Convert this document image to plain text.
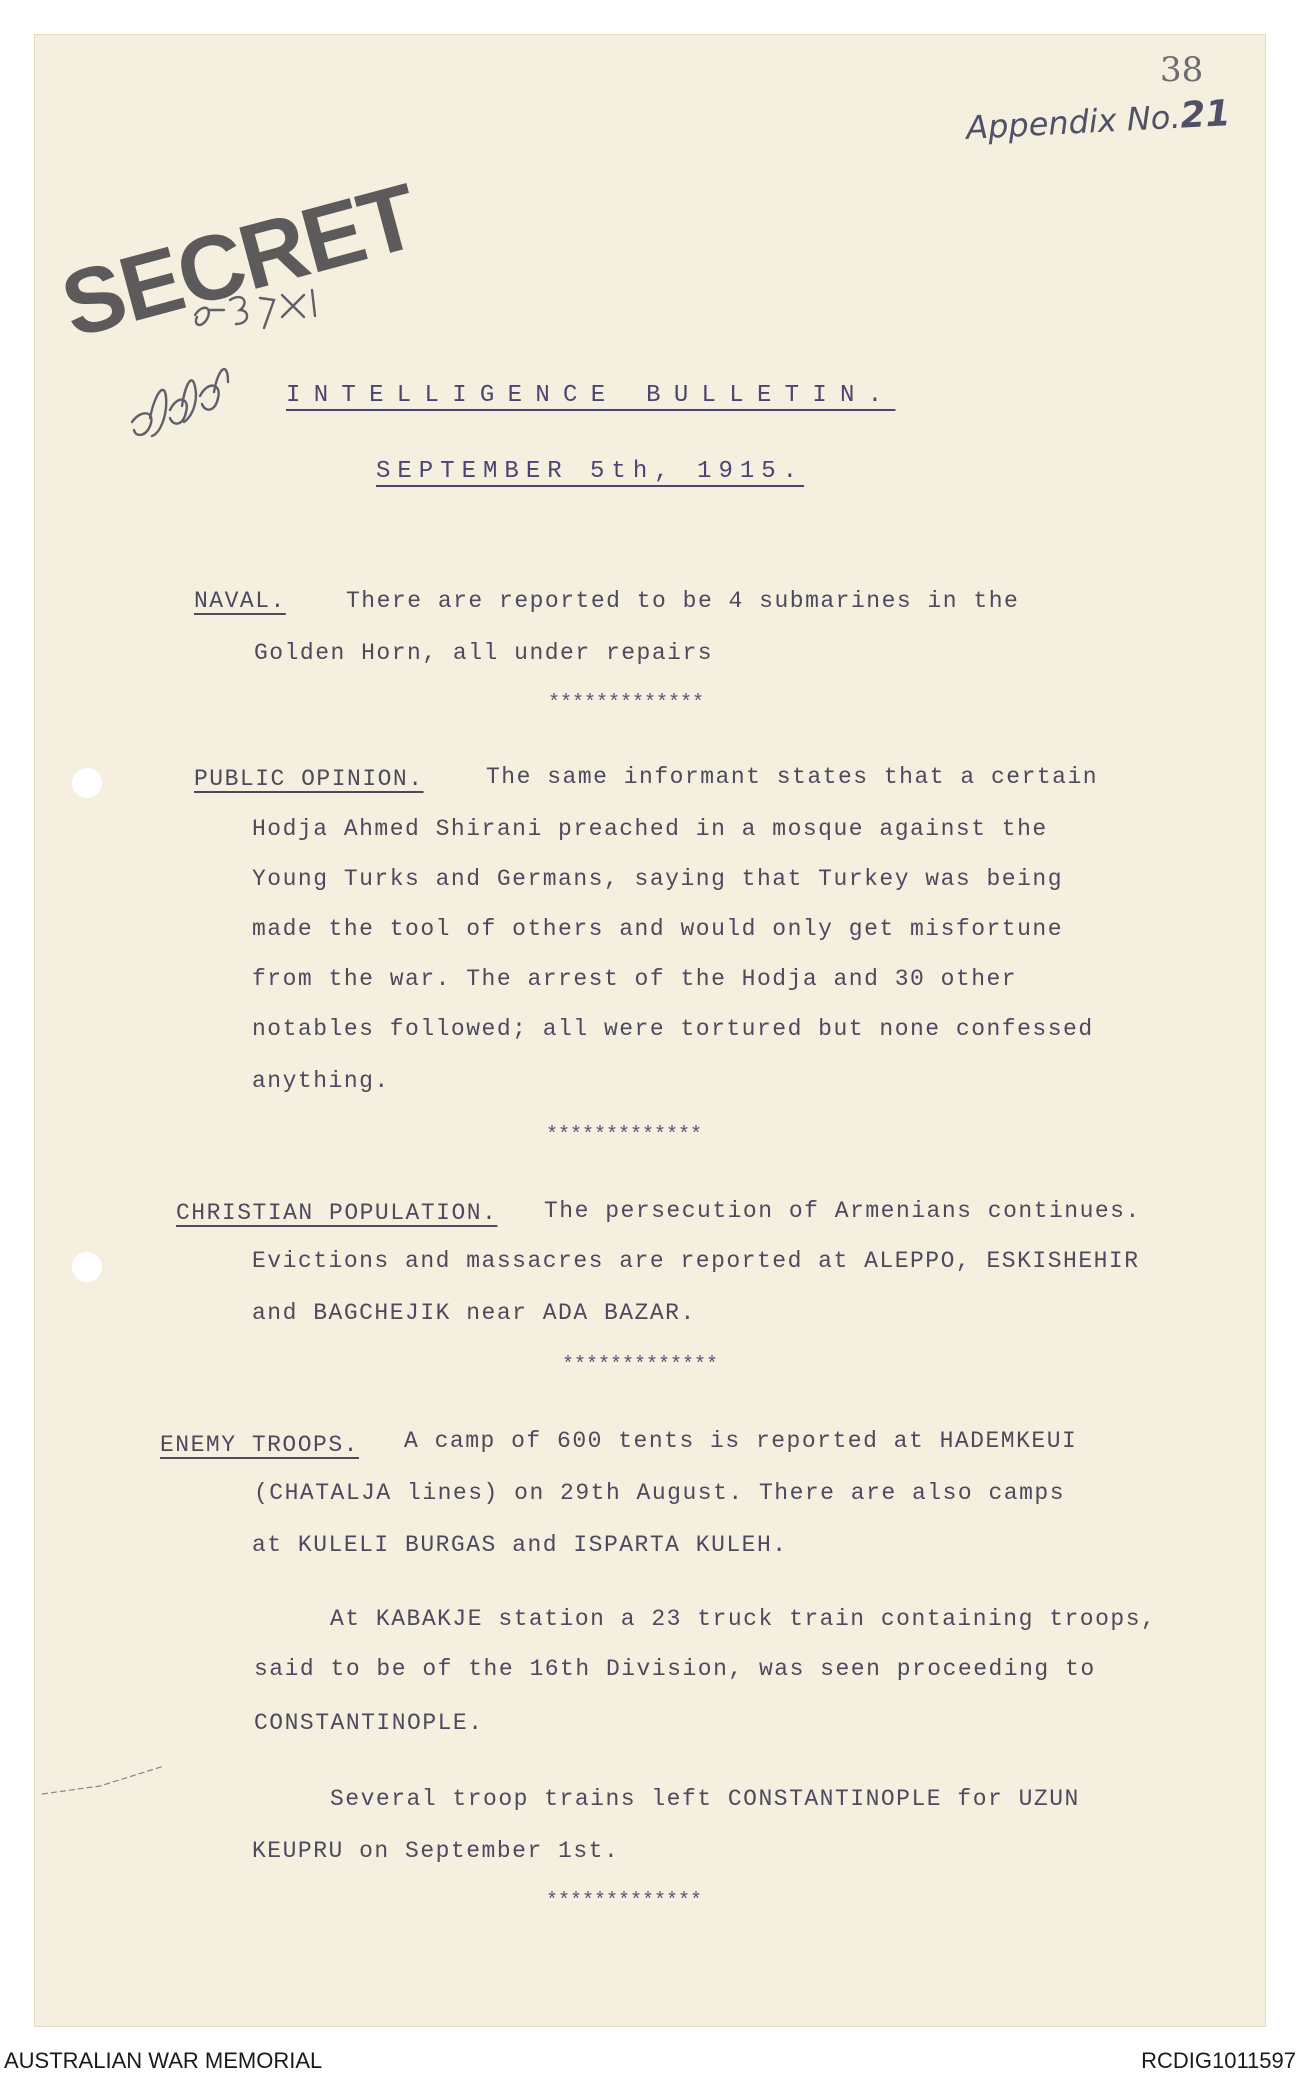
38
Appendix No.21
SECRET
INTELLIGENCE BULLETIN.
SEPTEMBER 5th, 1915.
NAVAL.	There are reported to be 4 submarines in the
Golden Horn, all under repairs
*************
PUBLIC OPINION.	The same informant states that a certain
Hodja Ahmed Shirani preached in a mosque against the
Young Turks and Germans, saying that Turkey was being
made the tool of others and would only get misfortune
from the war. The arrest of the Hodja and 30 other
notables followed; all were tortured but none confessed
anything.
*************
CHRISTIAN POPULATION. The persecution of Armenians continues.
Evictions and massacres are reported at ALEPPO, ESKISHEHIR
and BAGCHEJIK near ADA BAZAR.
*************
ENEMY TROOPS. A camp of 600 tents is reported at HADEMKEUI
(CHATALJA lines) on 29th August. There are also camps
at KULELI BURGAS and ISPARTA KULEH.
At KABAKJE station a 23 truck train containing troops,
said to be of the 16th Division, was seen proceeding to
CONSTANTINOPLE.
Several troop trains left CONSTANTINOPLE for UZUN
KEUPRU on September 1st.
*************
AUSTRALIAN WAR MEMORIAL	RCDIG1011597
